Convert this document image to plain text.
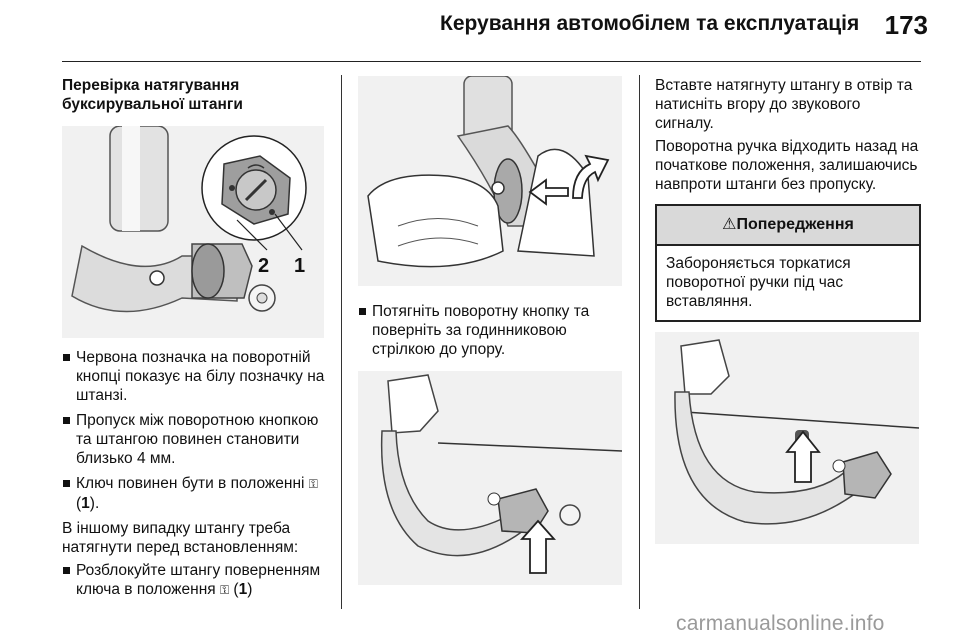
Керування автомобілем та експлуатація 173
Перевірка натягування буксирувальної штанги
2 1
Червона позначка на поворотній кнопці показує на білу позначку на штанзі.
Пропуск між поворотною кнопкою та штангою повинен становити близько 4 мм.
Ключ повинен бути в положенні ⚿ (1).

В іншому випадку штангу треба натягнути перед встановленням:

Розблокуйте штангу поверненням ключа в положення ⚿ (1)
Потягніть поворотну кнопку та поверніть за годинниковою стрілкою до упору.

Вставте натягнуту штангу в отвір та натисніть вгору до звукового сигналу.

Поворотна ручка відходить назад на початкове положення, залишаючись навпроти штанги без пропуску.

⚠Попередження
Забороняється торкатися поворотної ручки під час вставляння.
carmanualsonline.info
